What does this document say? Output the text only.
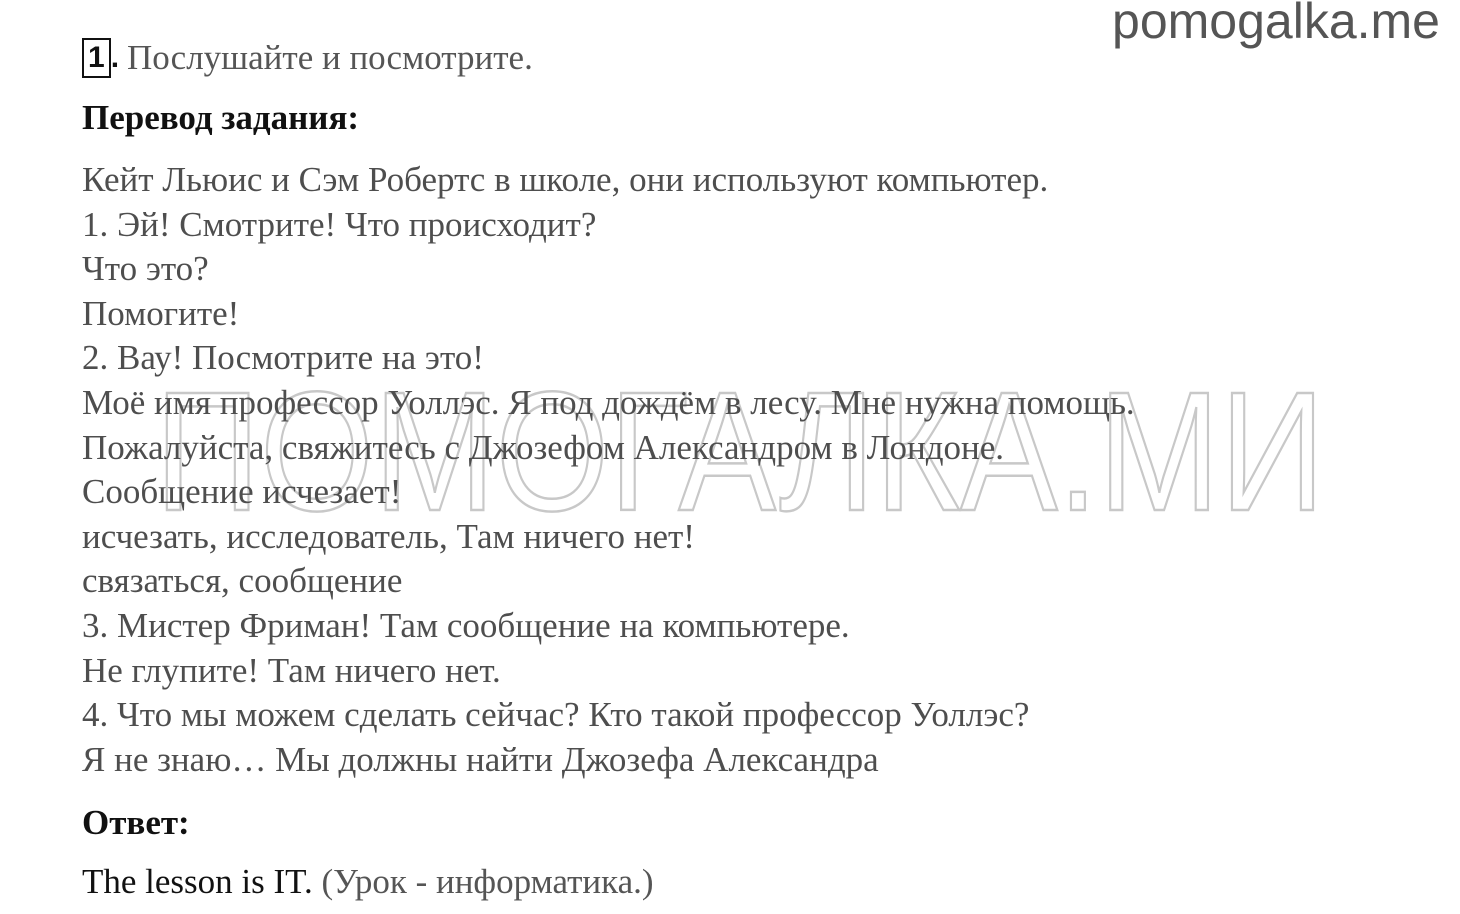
pomogalka.me
ПОМОГАЛКА.МИ
1 . Послушайте и посмотрите.
Перевод задания:
Кейт Льюис и Сэм Робертс в школе, они используют компьютер.
1. Эй! Смотрите! Что происходит?
Что это?
Помогите!
2. Вау! Посмотрите на это!
Моё имя профессор Уоллэс. Я под дождём в лесу. Мне нужна помощь.
Пожалуйста, свяжитесь с Джозефом Александром в Лондоне.
Сообщение исчезает!
исчезать, исследователь, Там ничего нет!
связаться, сообщение
3. Мистер Фриман! Там сообщение на компьютере.
Не глупите! Там ничего нет.
4. Что мы можем сделать сейчас? Кто такой профессор Уоллэс?
Я не знаю… Мы должны найти Джозефа Александра
Ответ:
The lesson is IT. (Урок - информатика.)
